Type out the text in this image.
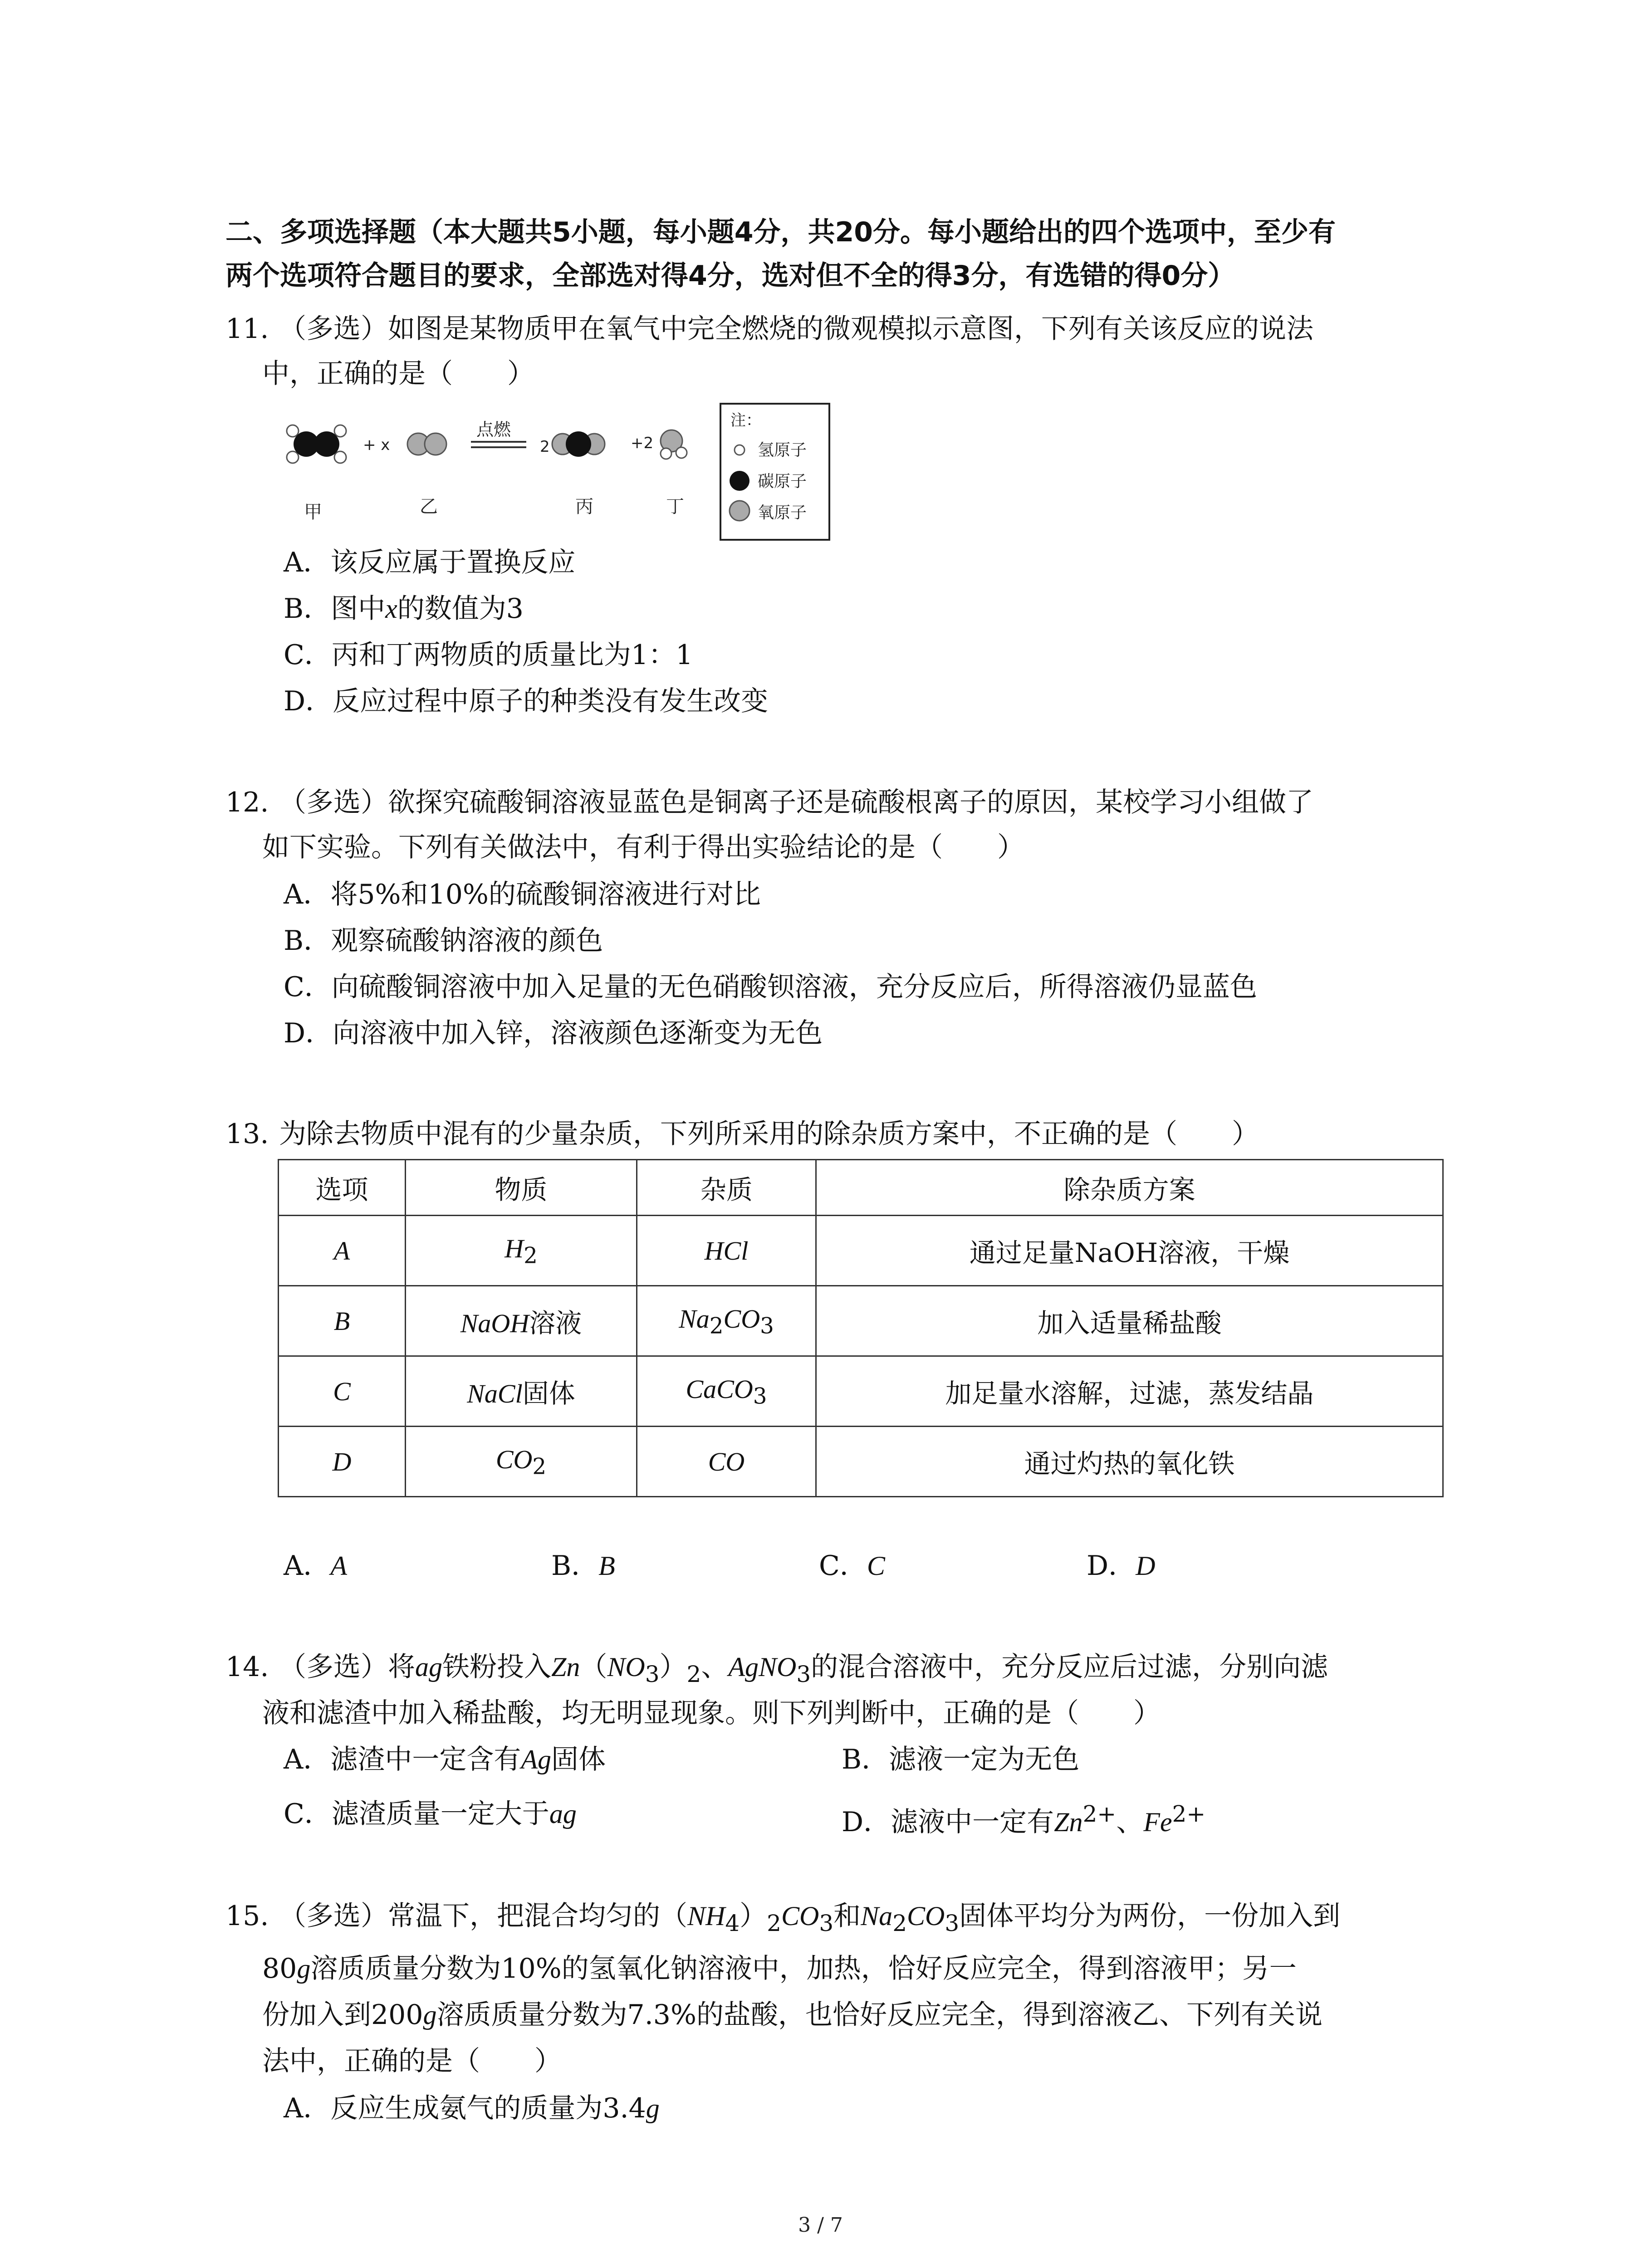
二、多项选择题（本大题共5小题，每小题4分，共20分。每小题给出的四个选项中，至少有
两个选项符合题目的要求，全部选对得4分，选对但不全的得3分，有选错的得0分）
11. （多选）如图是某物质甲在氧气中完全燃烧的微观模拟示意图，下列有关该反应的说法
中，正确的是（　　）
+ x
点燃
2	+2
甲	乙	丙	丁
注：
氢原子
碳原子
氧原子
A．该反应属于置换反应
B．图中x的数值为3
C．丙和丁两物质的质量比为1：1
D．反应过程中原子的种类没有发生改变
12. （多选）欲探究硫酸铜溶液显蓝色是铜离子还是硫酸根离子的原因，某校学习小组做了
如下实验。下列有关做法中，有利于得出实验结论的是（　　）
A．将5%和10%的硫酸铜溶液进行对比
B．观察硫酸钠溶液的颜色
C．向硫酸铜溶液中加入足量的无色硝酸钡溶液，充分反应后，所得溶液仍显蓝色
D．向溶液中加入锌，溶液颜色逐渐变为无色
13. 为除去物质中混有的少量杂质，下列所采用的除杂质方案中，不正确的是（　　）
选项	物质	杂质	除杂质方案
A	$H_2$	HCl	通过足量NaOH溶液，干燥
B	NaOH溶液	$Na_2CO_3$	加入适量稀盐酸
C	NaCl固体	CaCO$_3$	加足量水溶解，过滤，蒸发结晶
D	$CO_2$	CO	通过灼热的氧化铁
A．A	B．B	C．C	D．D
14. （多选）将ag铁粉投入$Zn(NO_3)_2$、AgNO$_3$的混合溶液中，充分反应后过滤，分别向滤
液和滤渣中加入稀盐酸，均无明显现象。则下列判断中，正确的是（　　）
A．滤渣中一定含有Ag固体	B．滤液一定为无色
C．滤渣质量一定大于ag	D．滤液中一定有$Zn^{2+}$、$Fe^{2+}$
15. （多选）常温下，把混合均匀的$(NH_4)_2CO_3$和$Na_2CO_3$固体平均分为两份，一份加入到
80g溶质质量分数为10%的氢氧化钠溶液中，加热，恰好反应完全，得到溶液甲；另一
份加入到200g溶质质量分数为7.3%的盐酸，也恰好反应完全，得到溶液乙、下列有关说
法中，正确的是（　　）
A．反应生成氨气的质量为3.4g
3 / 7
